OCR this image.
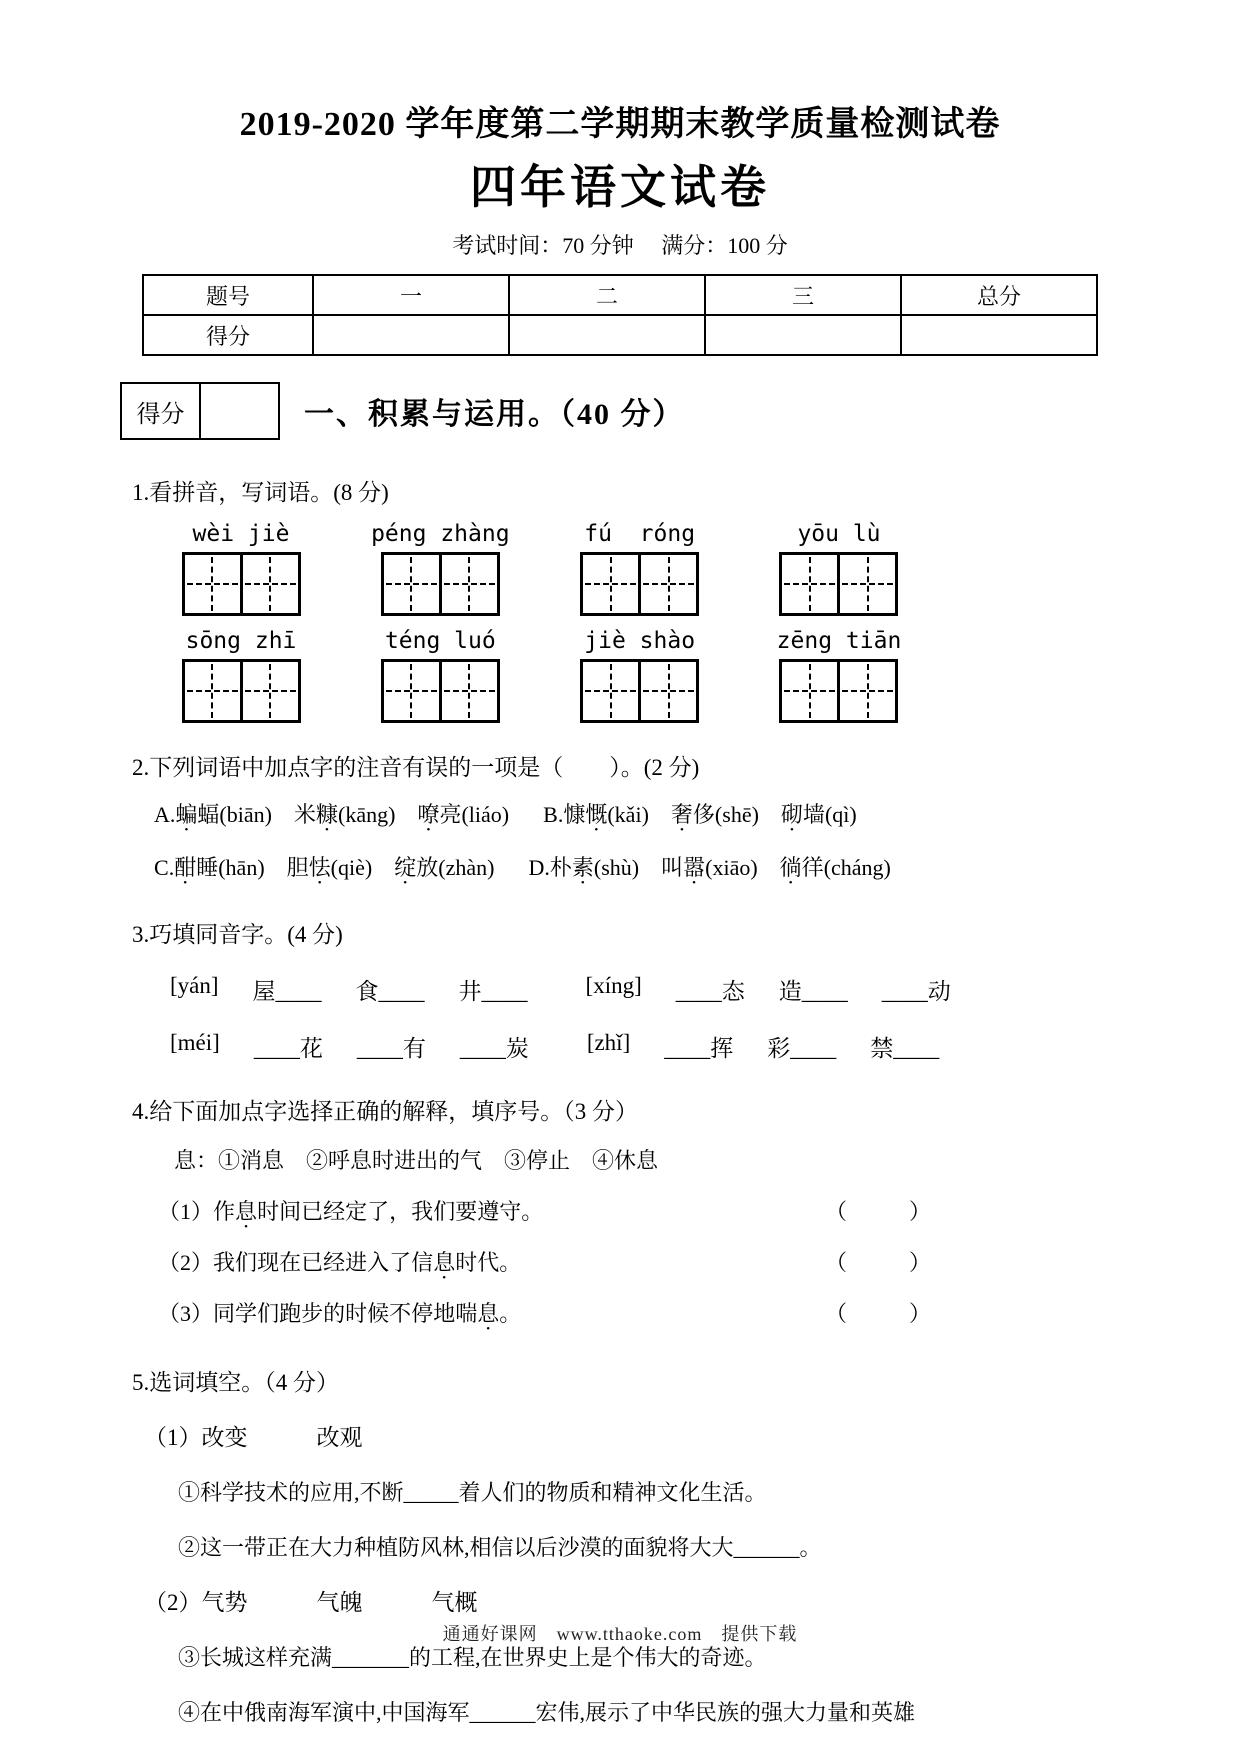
2019-2020 学年度第二学期期末教学质量检测试卷
四年语文试卷
考试时间：70 分钟　 满分：100 分
题号	一	二	三	总分
得分				
得分	一、积累与运用。（40 分）
1.看拼音，写词语。(8 分)
wèi jiè	péng zhàng	fú  róng	yōu lù
sōng zhī	téng luó	jiè shào	zēng tiān
2.下列词语中加点字的注音有误的一项是（　　）。(2 分)
A.蝙蝠(biān) 米糠(kāng) 嘹亮(liáo) B.慷慨(kǎi) 奢侈(shē) 砌墙(qì)
C.酣睡(hān) 胆怯(qiè) 绽放(zhàn) D.朴素(shù) 叫嚣(xiāo) 徜徉(cháng)
3.巧填同音字。(4 分)
[yán] 屋____ 食____ 井____	[xíng] ____态 造____ ____动
[méi] ____花 ____有 ____炭	[zhǐ] ____挥 彩____ 禁____
4.给下面加点字选择正确的解释，填序号。（3 分）
息：①消息　②呼息时进出的气　③停止　④休息
（1）作息时间已经定了，我们要遵守。	（　　）
（2）我们现在已经进入了信息时代。	（　　）
（3）同学们跑步的时候不停地喘息。	（　　）
5.选词填空。（4 分）
（1）改变　　　改观
①科学技术的应用,不断_____着人们的物质和精神文化生活。
②这一带正在大力种植防风林,相信以后沙漠的面貌将大大______。
（2）气势　　　气魄　　　气概
③长城这样充满_______的工程,在世界史上是个伟大的奇迹。
④在中俄南海军演中,中国海军______宏伟,展示了中华民族的强大力量和英雄
通通好课网　www.tthaoke.com　提供下载
